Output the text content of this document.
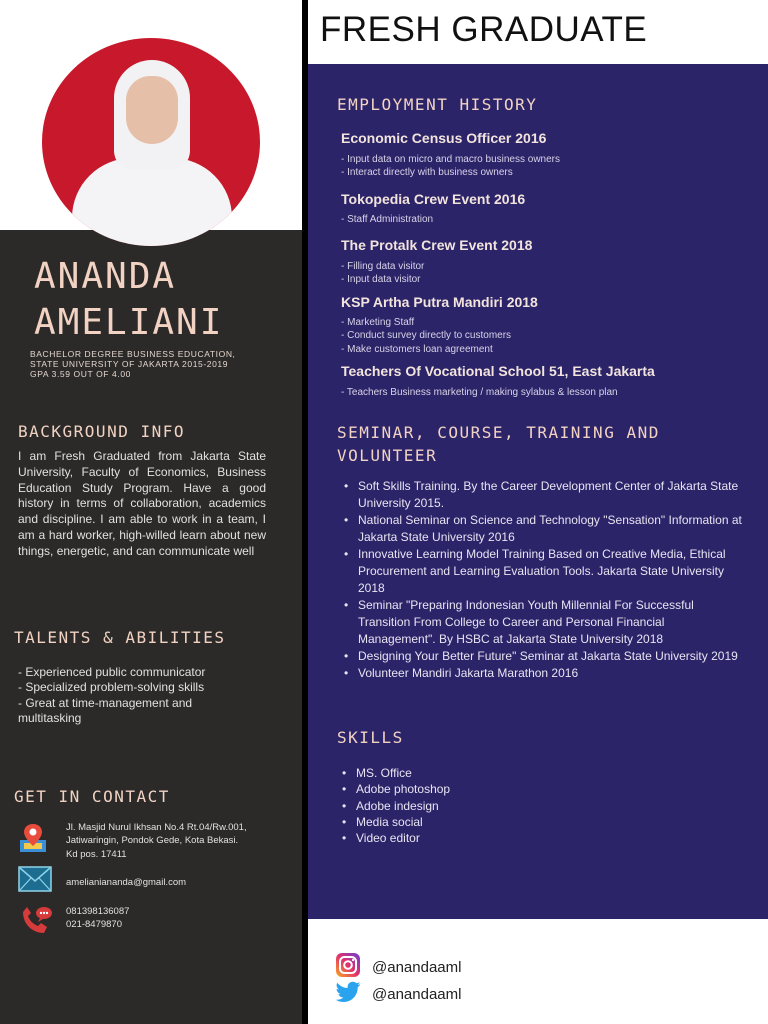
FRESH GRADUATE
ANANDA
AMELIANI
BACHELOR DEGREE BUSINESS EDUCATION,
STATE UNIVERSITY OF JAKARTA 2015-2019
GPA 3.59 OUT OF 4.00
BACKGROUND INFO
I am Fresh Graduated from Jakarta State University, Faculty of Economics, Business Education Study Program. Have a good history in terms of collaboration, academics and discipline. I am able to work in a team, I am a hard worker, high-willed learn about new things, energetic, and can communicate well
TALENTS & ABILITIES
- Experienced public communicator
- Specialized problem-solving skills
- Great at time-management and
multitasking
GET IN CONTACT
Jl. Masjid Nurul Ikhsan No.4 Rt.04/Rw.001,
Jatiwaringin, Pondok Gede, Kota Bekasi.
Kd pos. 17411
amelianiananda@gmail.com
081398136087
021-8479870
EMPLOYMENT HISTORY
Economic Census Officer 2016
- Input data on micro and macro business owners
- Interact directly with business owners
Tokopedia Crew Event 2016
- Staff Administration
The Protalk Crew Event 2018
- Filling data visitor
- Input data visitor
KSP Artha Putra Mandiri 2018
- Marketing Staff
- Conduct survey directly to customers
- Make customers loan agreement
Teachers Of Vocational School 51, East Jakarta
- Teachers Business marketing / making sylabus & lesson plan
SEMINAR, COURSE, TRAINING AND
VOLUNTEER
• Soft Skills Training. By the Career Development Center of Jakarta State University 2015.
• National Seminar on Science and Technology "Sensation" Information at Jakarta State University 2016
• Innovative Learning Model Training Based on Creative Media, Ethical Procurement and Learning Evaluation Tools. Jakarta State University 2018
• Seminar "Preparing Indonesian Youth Millennial For Successful Transition From College to Career and Personal Financial Management". By HSBC at Jakarta State University 2018
• Designing Your Better Future" Seminar at Jakarta State University 2019
• Volunteer Mandiri Jakarta Marathon 2016
SKILLS
• MS. Office
• Adobe photoshop
• Adobe indesign
• Media social
• Video editor
@anandaaml
@anandaaml
